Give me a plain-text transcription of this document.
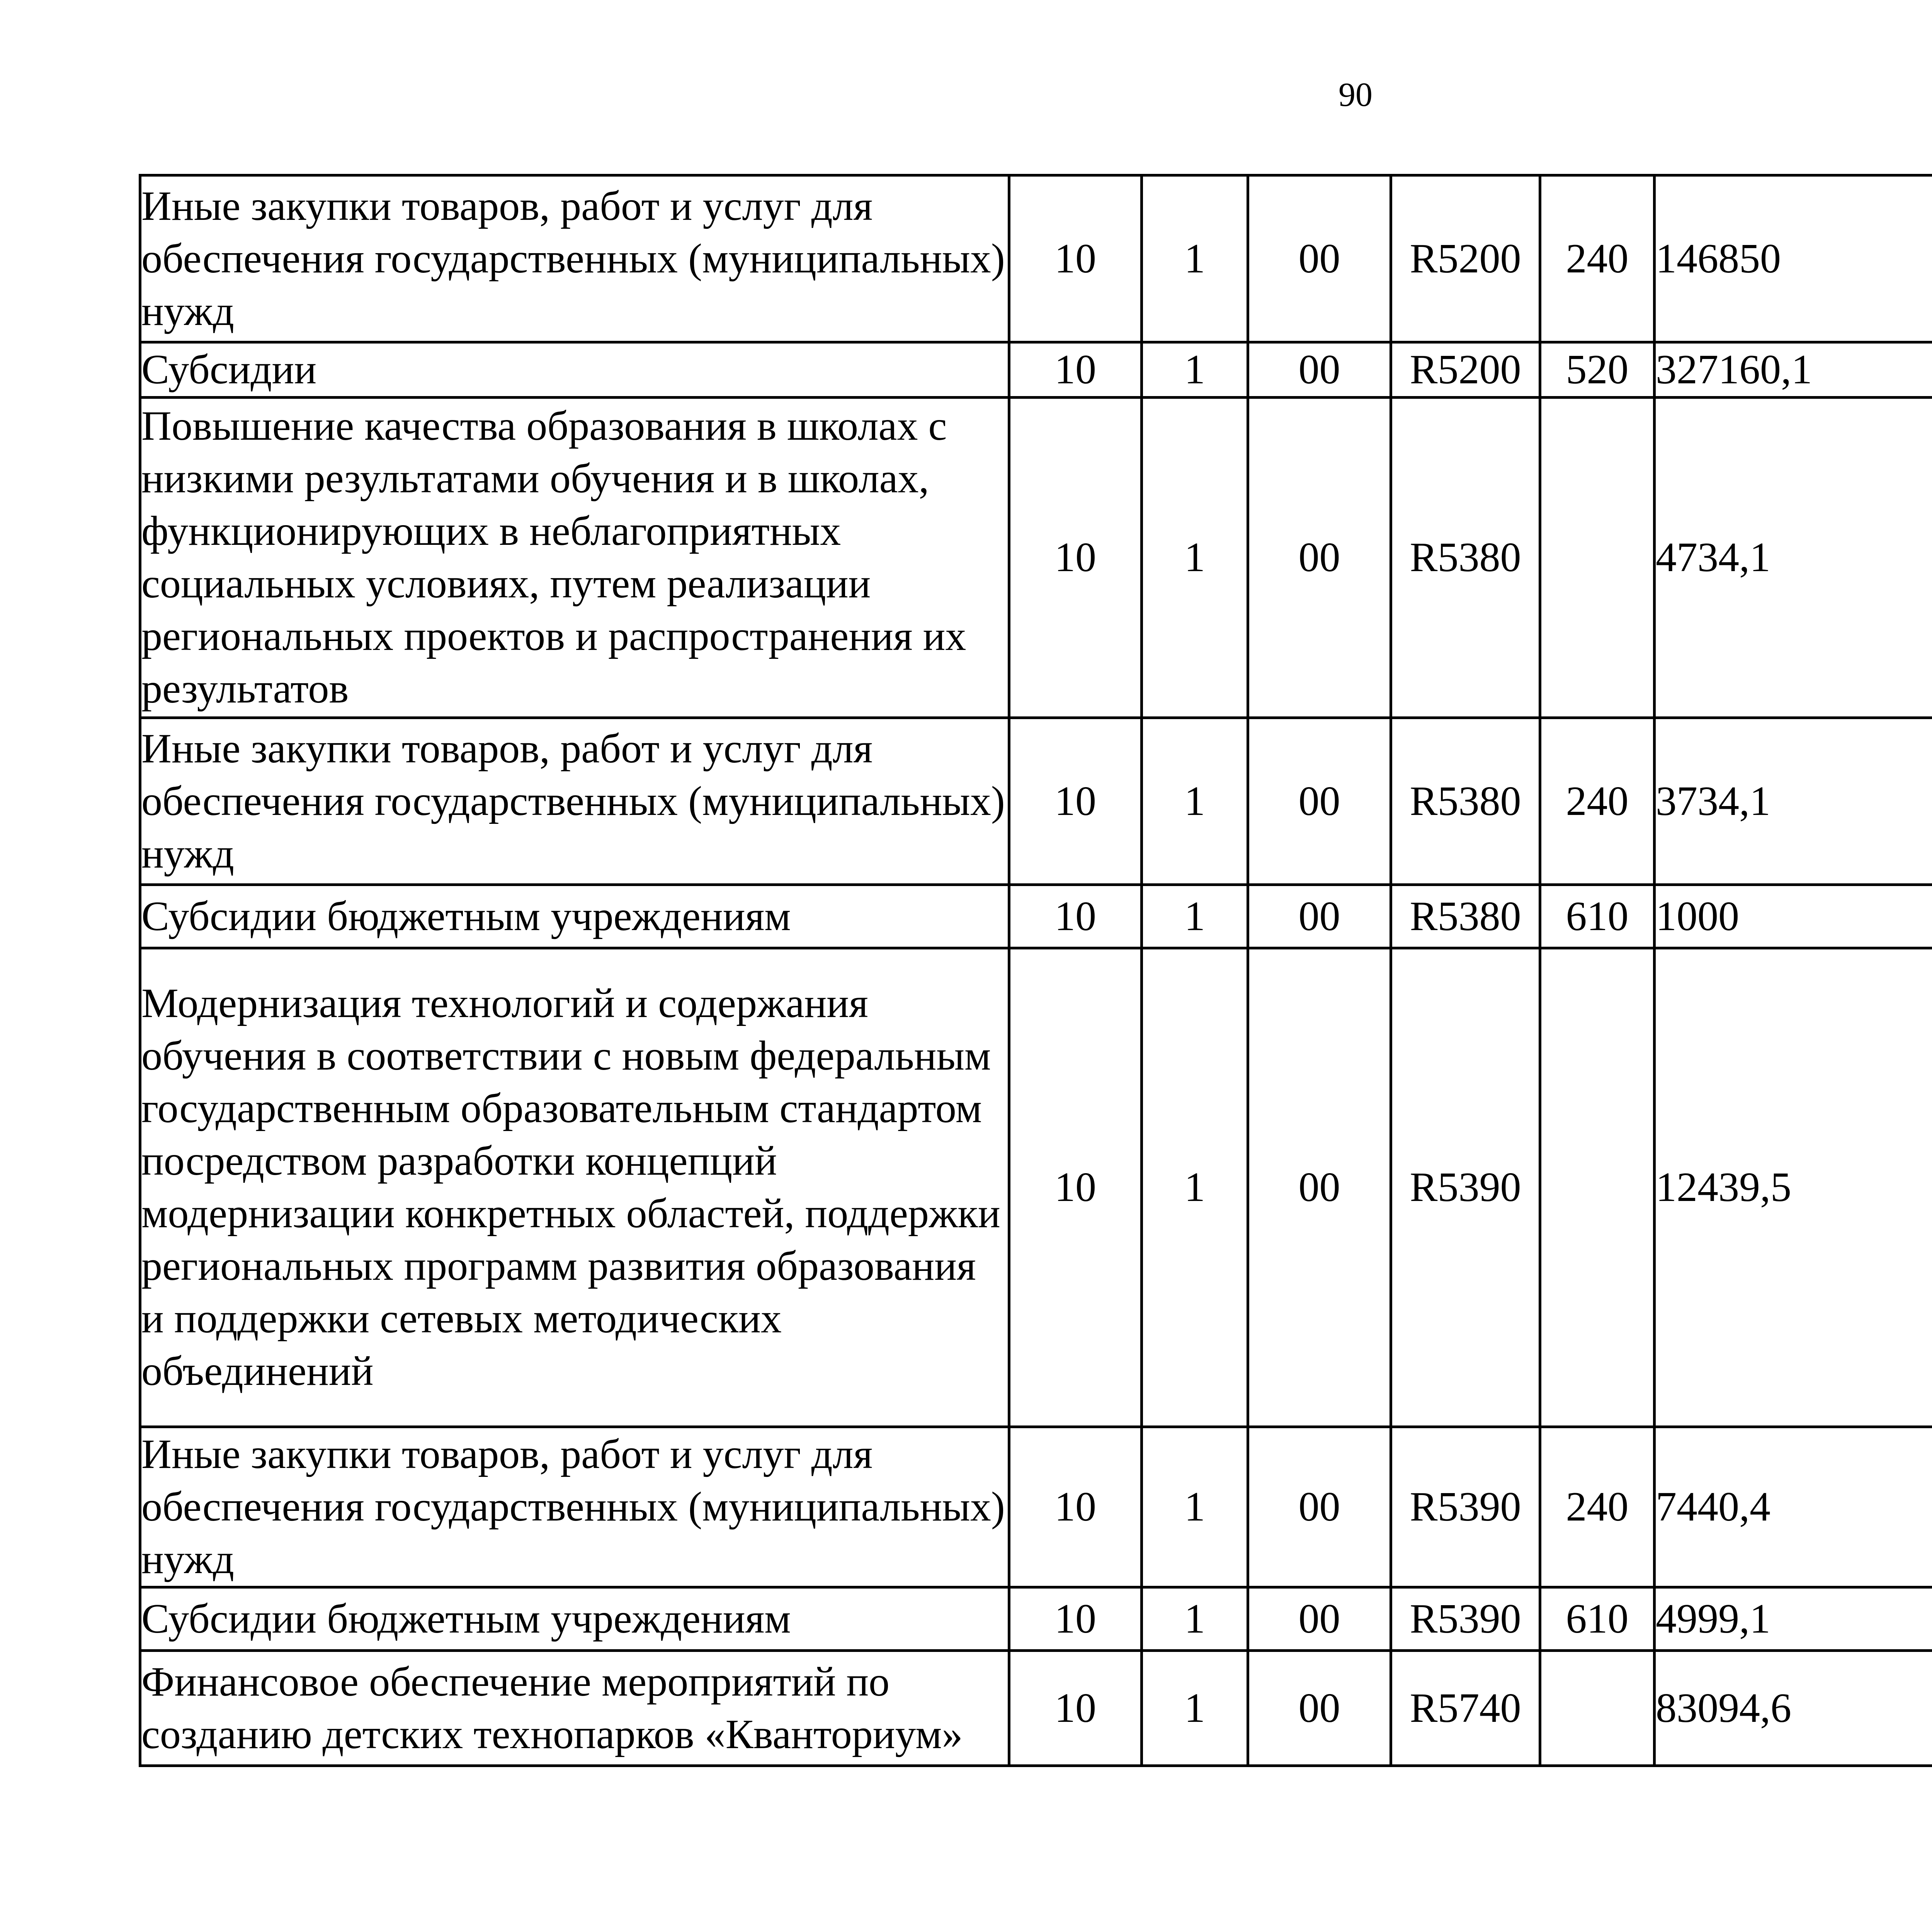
90
Иные закупки товаров, работ и услуг для обеспечения государственных (муниципальных) нужд	10	1	00	R5200	240	146850		
Субсидии	10	1	00	R5200	520	327160,1		
Повышение качества образования в школах с низкими результатами обучения и в школах, функционирующих в неблагоприятных социальных условиях, путем реализации региональных проектов и распространения их результатов	10	1	00	R5380		4734,1		
Иные закупки товаров, работ и услуг для обеспечения государственных (муниципальных) нужд	10	1	00	R5380	240	3734,1		
Субсидии бюджетным учреждениям	10	1	00	R5380	610	1000		
Модернизация технологий и содержания обучения в соответствии с новым федеральным государственным образовательным стандартом посредством разработки концепций модернизации конкретных областей, поддержки региональных программ развития образования и поддержки сетевых методических объединений	10	1	00	R5390		12439,5		
Иные закупки товаров, работ и услуг для обеспечения государственных (муниципальных) нужд	10	1	00	R5390	240	7440,4		
Субсидии бюджетным учреждениям	10	1	00	R5390	610	4999,1		
Финансовое обеспечение мероприятий по созданию детских технопарков «Кванториум»	10	1	00	R5740		83094,6		
